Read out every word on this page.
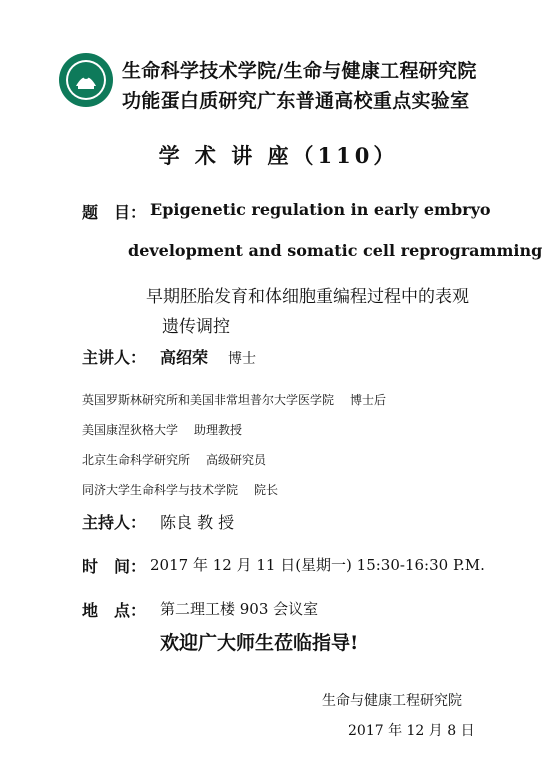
生命科学技术学院/生命与健康工程研究院
功能蛋白质研究广东普通高校重点实验室
学 术 讲 座（110）
题　目： Epigenetic regulation in early embryo
development and somatic cell reprogramming
早期胚胎发育和体细胞重编程过程中的表观
遗传调控
主讲人： 高绍荣 博士
英国罗斯林研究所和美国非常坦普尔大学医学院 博士后
美国康涅狄格大学 助理教授
北京生命科学研究所 高级研究员
同济大学生命科学与技术学院 院长
主持人： 陈良 教 授
时　间： 2017 年 12 月 11 日(星期一) 15:30-16:30 P.M.
地　点： 第二理工楼 903 会议室
欢迎广大师生莅临指导!
生命与健康工程研究院
2017 年 12 月 8 日
